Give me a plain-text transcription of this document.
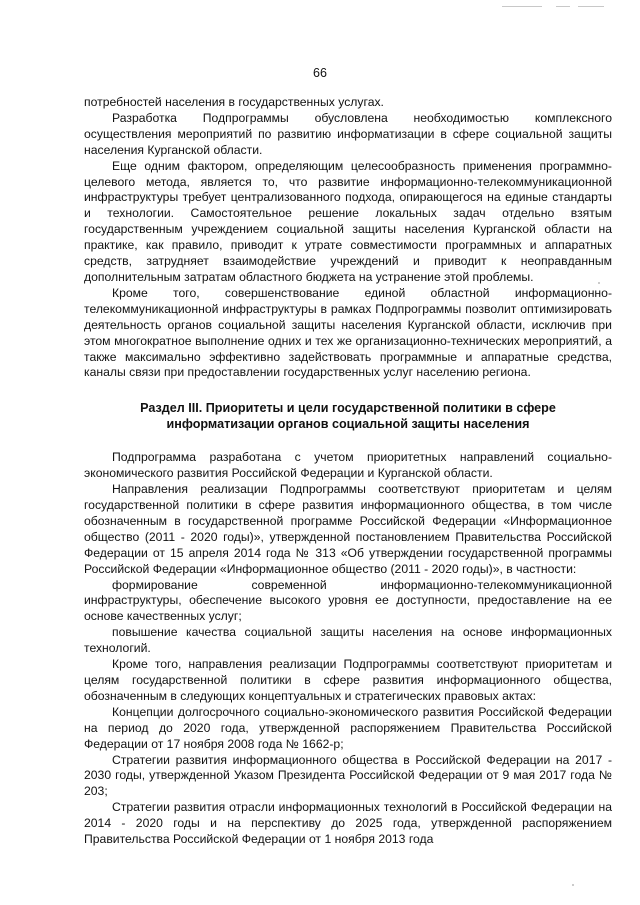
66

потребностей населения в государственных услугах.

Разработка Подпрограммы обусловлена необходимостью комплексного осуществления мероприятий по развитию информатизации в сфере социальной защиты населения Курганской области.

Еще одним фактором, определяющим целесообразность применения программно-целевого метода, является то, что развитие информационно-телекоммуникационной инфраструктуры требует централизованного подхода, опирающегося на единые стандарты и технологии. Самостоятельное решение локальных задач отдельно взятым государственным учреждением социальной защиты населения Курганской области на практике, как правило, приводит к утрате совместимости программных и аппаратных средств, затрудняет взаимодействие учреждений и приводит к неоправданным дополнительным затратам областного бюджета на устранение этой проблемы.

Кроме того, совершенствование единой областной информационно-телекоммуникационной инфраструктуры в рамках Подпрограммы позволит оптимизировать деятельность органов социальной защиты населения Курганской области, исключив при этом многократное выполнение одних и тех же организационно-технических мероприятий, а также максимально эффективно задействовать программные и аппаратные средства, каналы связи при предоставлении государственных услуг населению региона.

Раздел III. Приоритеты и цели государственной политики в сфере
информатизации органов социальной защиты населения

Подпрограмма разработана с учетом приоритетных направлений социально-экономического развития Российской Федерации и Курганской области.

Направления реализации Подпрограммы соответствуют приоритетам и целям государственной политики в сфере развития информационного общества, в том числе обозначенным в государственной программе Российской Федерации «Информационное общество (2011 - 2020 годы)», утвержденной постановлением Правительства Российской Федерации от 15 апреля 2014 года № 313 «Об утверждении государственной программы Российской Федерации «Информационное общество (2011 - 2020 годы)», в частности:

формирование современной информационно-телекоммуникационной инфраструктуры, обеспечение высокого уровня ее доступности, предоставление на ее основе качественных услуг;

повышение качества социальной защиты населения на основе информационных технологий.

Кроме того, направления реализации Подпрограммы соответствуют приоритетам и целям государственной политики в сфере развития информационного общества, обозначенным в следующих концептуальных и стратегических правовых актах:

Концепции долгосрочного социально-экономического развития Российской Федерации на период до 2020 года, утвержденной распоряжением Правительства Российской Федерации от 17 ноября 2008 года № 1662-р;

Стратегии развития информационного общества в Российской Федерации на 2017 - 2030 годы, утвержденной Указом Президента Российской Федерации от 9 мая 2017 года № 203;

Стратегии развития отрасли информационных технологий в Российской Федерации на 2014 - 2020 годы и на перспективу до 2025 года, утвержденной распоряжением Правительства Российской Федерации от 1 ноября 2013 года
